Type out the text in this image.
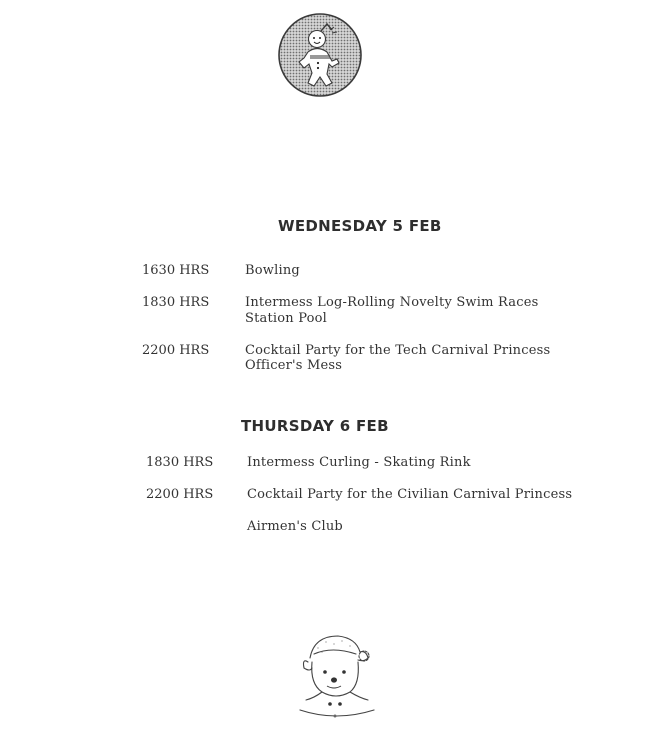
WEDNESDAY 5 FEB
1630 HRS	Bowling
1830 HRS	Intermess Log-Rolling Novelty Swim Races
Station Pool
2200 HRS	Cocktail Party for the Tech Carnival Princess
Officer's Mess
THURSDAY 6 FEB
1830 HRS	Intermess Curling - Skating Rink
2200 HRS	Cocktail Party for the Civilian Carnival Princess
Airmen's Club
